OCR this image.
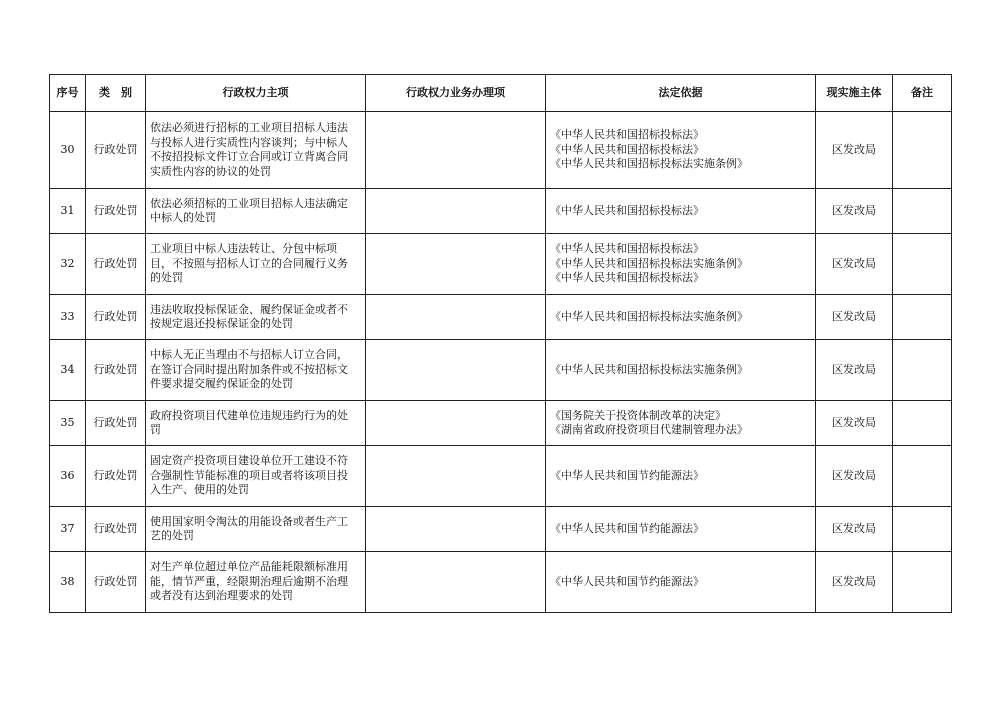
序号	类　别	行政权力主项	行政权力业务办理项	法定依据	现实施主体	备注
30	行政处罚	依法必须进行招标的工业项目招标人违法
与投标人进行实质性内容谈判；与中标人
不按招投标文件订立合同或订立背离合同
实质性内容的协议的处罚		《中华人民共和国招标投标法》
《中华人民共和国招标投标法》
《中华人民共和国招标投标法实施条例》	区发改局	
31	行政处罚	依法必须招标的工业项目招标人违法确定
中标人的处罚		《中华人民共和国招标投标法》	区发改局	
32	行政处罚	工业项目中标人违法转让、分包中标项
目，不按照与招标人订立的合同履行义务
的处罚		《中华人民共和国招标投标法》
《中华人民共和国招标投标法实施条例》
《中华人民共和国招标投标法》	区发改局	
33	行政处罚	违法收取投标保证金、履约保证金或者不
按规定退还投标保证金的处罚		《中华人民共和国招标投标法实施条例》	区发改局	
34	行政处罚	中标人无正当理由不与招标人订立合同，
在签订合同时提出附加条件或不按招标文
件要求提交履约保证金的处罚		《中华人民共和国招标投标法实施条例》	区发改局	
35	行政处罚	政府投资项目代建单位违规违约行为的处
罚		《国务院关于投资体制改革的决定》
《湖南省政府投资项目代建制管理办法》	区发改局	
36	行政处罚	固定资产投资项目建设单位开工建设不符
合强制性节能标准的项目或者将该项目投
入生产、使用的处罚		《中华人民共和国节约能源法》	区发改局	
37	行政处罚	使用国家明令淘汰的用能设备或者生产工
艺的处罚		《中华人民共和国节约能源法》	区发改局	
38	行政处罚	对生产单位超过单位产品能耗限额标准用
能，情节严重，经限期治理后逾期不治理
或者没有达到治理要求的处罚		《中华人民共和国节约能源法》	区发改局	
